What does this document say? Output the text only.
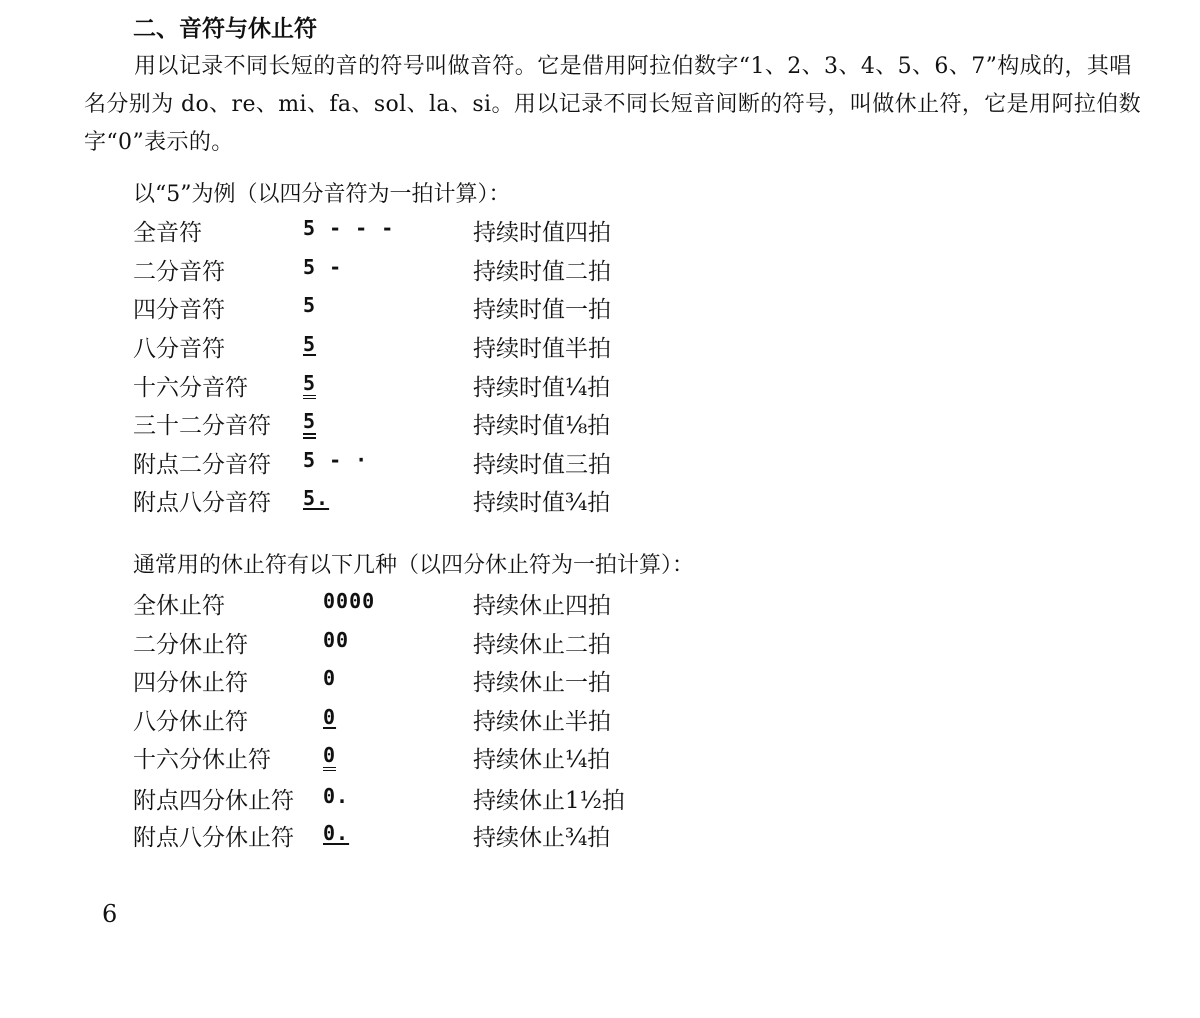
二、音符与休止符
用以记录不同长短的音的符号叫做音符。它是借用阿拉伯数字“1、2、3、4、5、6、7”构成的，其唱名分别为 do、re、mi、fa、sol、la、si。用以记录不同长短音间断的符号，叫做休止符，它是用阿拉伯数字“0”表示的。
以“5”为例（以四分音符为一拍计算）：
全音符	5 - - -	持续时值四拍
二分音符	5 -	持续时值二拍
四分音符	5	持续时值一拍
八分音符	5	持续时值半拍
十六分音符	5	持续时值¼拍
三十二分音符 5	持续时值⅛拍
附点二分音符 5 - ·	持续时值三拍
附点八分音符 5.	持续时值¾拍
通常用的休止符有以下几种（以四分休止符为一拍计算）：
全休止符	0000	持续休止四拍
二分休止符	00	持续休止二拍
四分休止符	0	持续休止一拍
八分休止符	0	持续休止半拍
十六分休止符	0	持续休止¼拍
附点四分休止符 0.	持续休止1½拍
附点八分休止符 0.	持续休止¾拍
6
